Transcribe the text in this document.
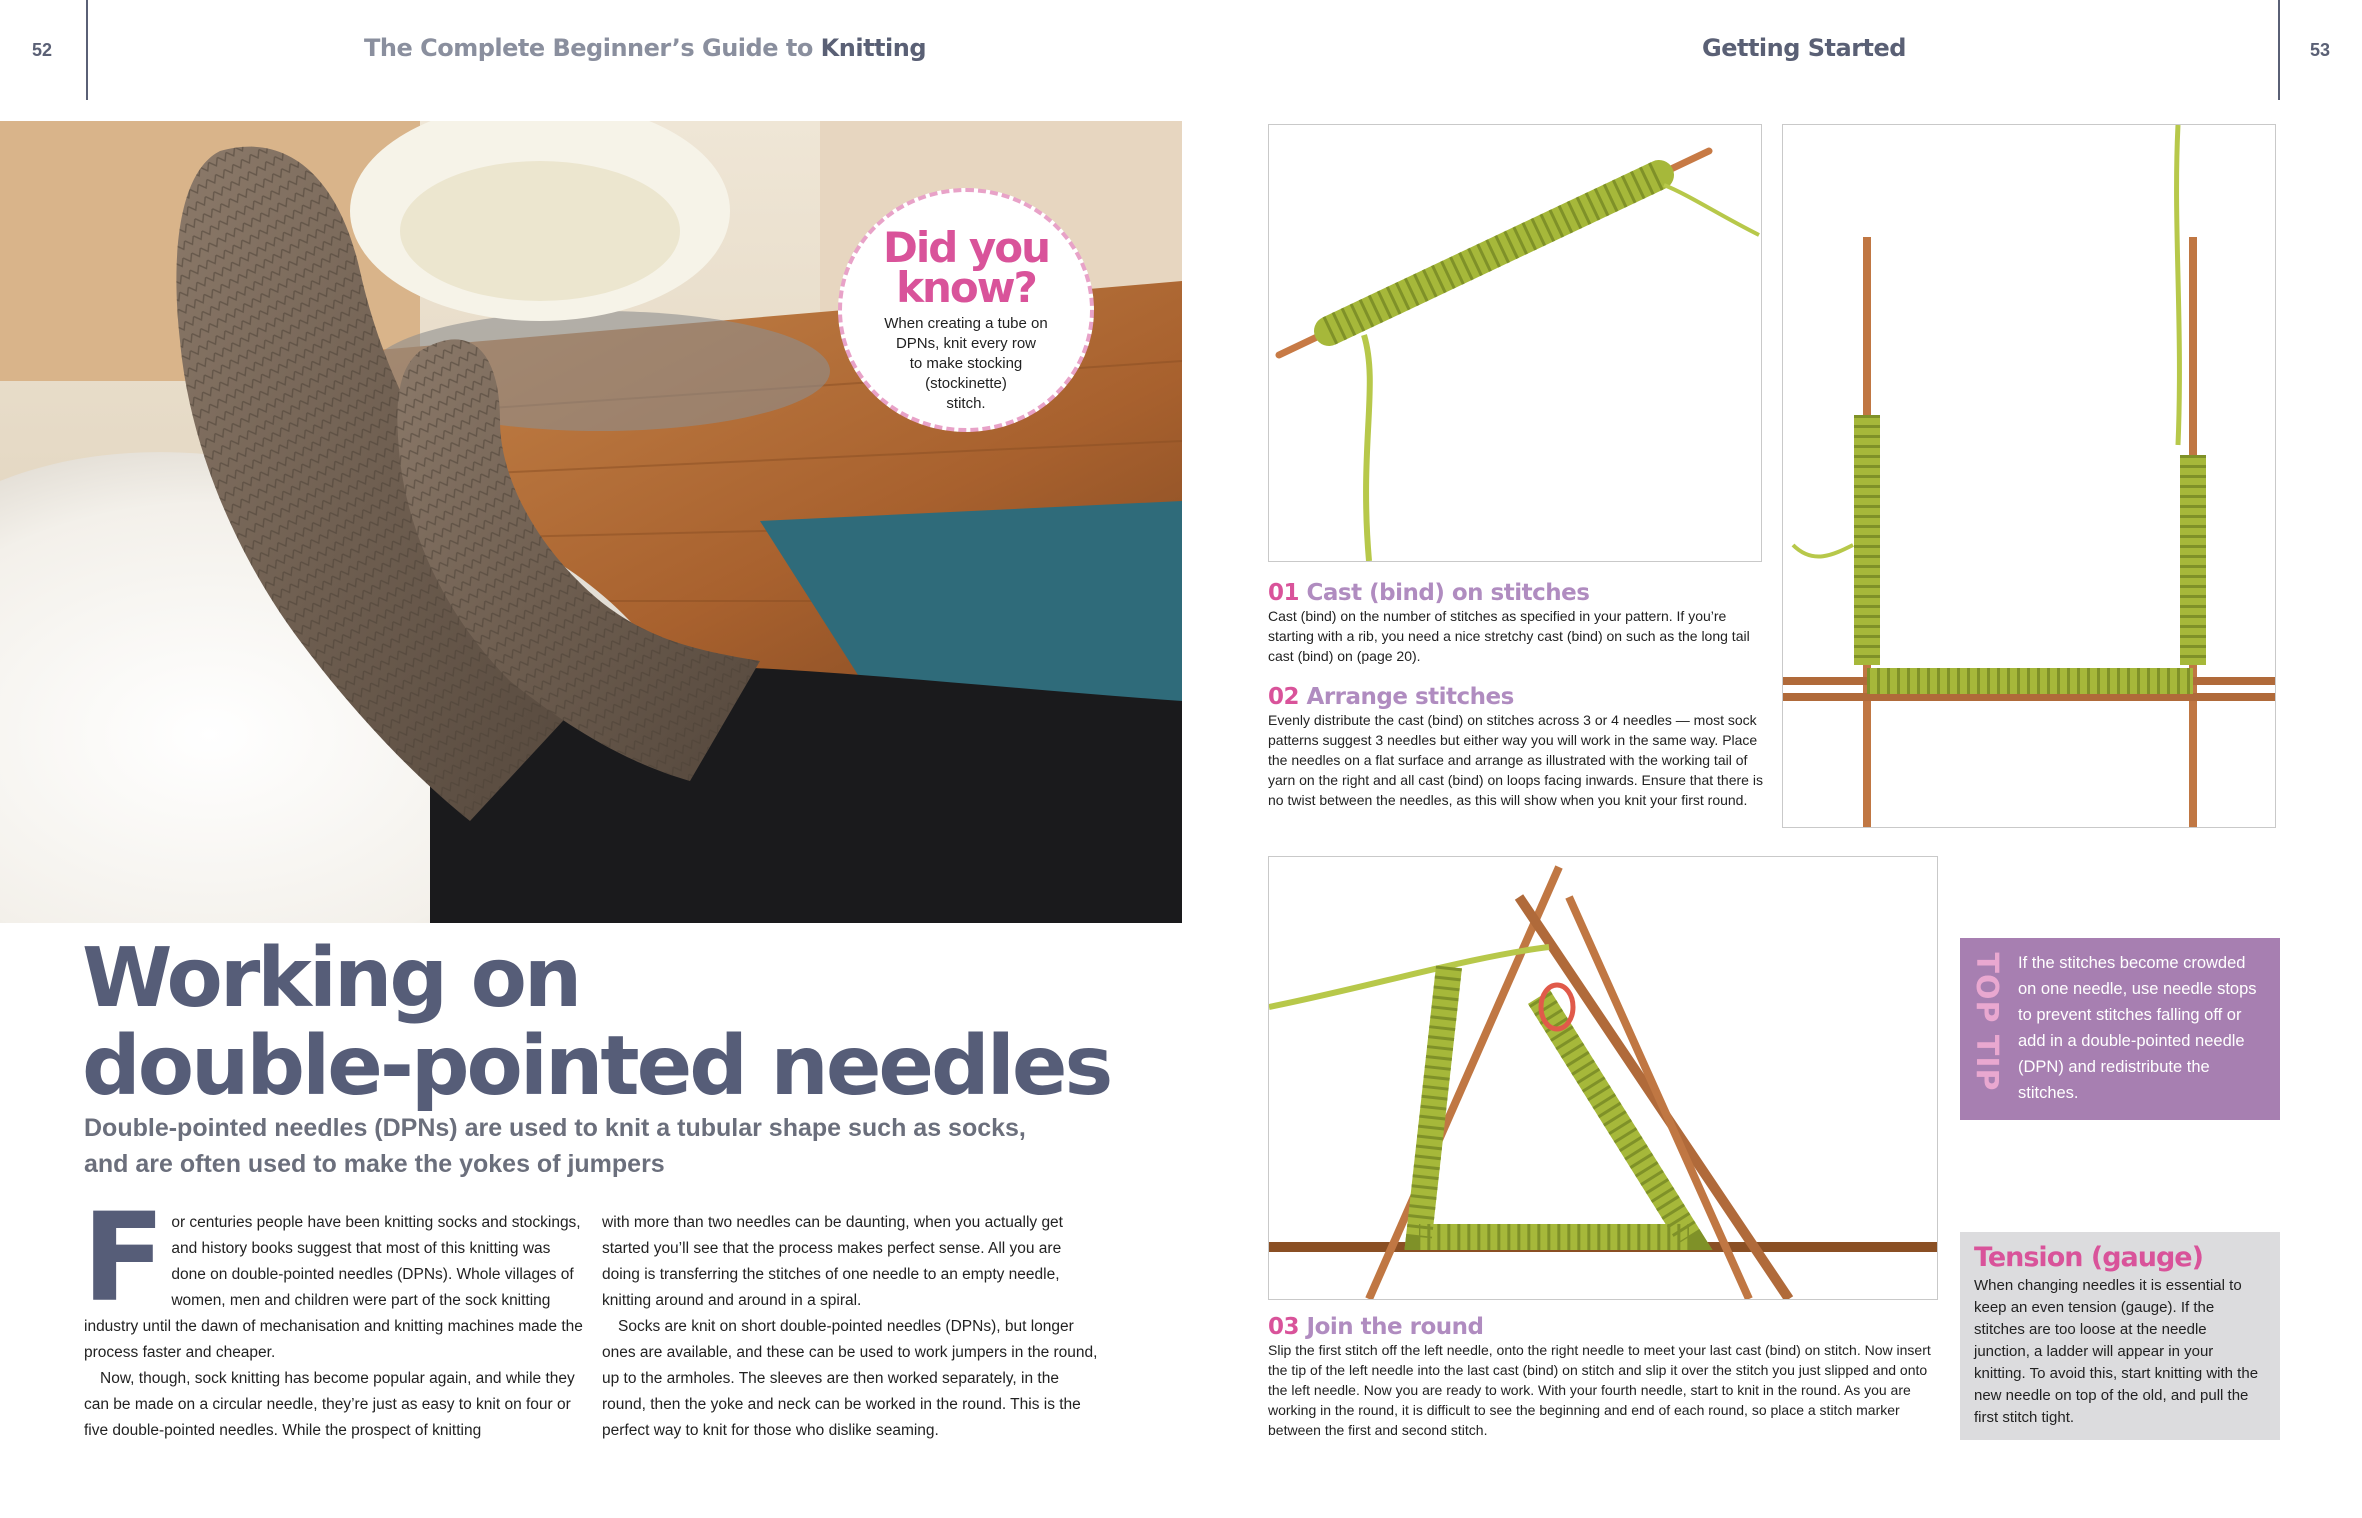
52	The Complete Beginner’s Guide to Knitting	Getting Started	53
Did you
know?
When creating a tube on
DPNs, knit every row
to make stocking
(stockinette)
stitch.
Working on
double-pointed needles
Double-pointed needles (DPNs) are used to knit a tubular shape such as socks,
and are often used to make the yokes of jumpers

For centuries people have been knitting socks and stockings, and history books suggest that most of this knitting was done on double-pointed needles (DPNs). Whole villages of women, men and children were part of the sock knitting industry until the dawn of mechanisation and knitting machines made the process faster and cheaper.

Now, though, sock knitting has become popular again, and while they can be made on a circular needle, they’re just as easy to knit on four or five double-pointed needles. While the prospect of knitting

with more than two needles can be daunting, when you actually get started you’ll see that the process makes perfect sense. All you are doing is transferring the stitches of one needle to an empty needle, knitting around and around in a spiral.

Socks are knit on short double-pointed needles (DPNs), but longer ones are available, and these can be used to work jumpers in the round, up to the armholes. The sleeves are then worked separately, in the round, then the yoke and neck can be worked in the round. This is the perfect way to knit for those who dislike seaming.

01 Cast (bind) on stitches
Cast (bind) on the number of stitches as specified in your pattern. If you’re starting with a rib, you need a nice stretchy cast (bind) on such as the long tail cast (bind) on (page 20).
02 Arrange stitches
Evenly distribute the cast (bind) on stitches across 3 or 4 needles — most sock patterns suggest 3 needles but either way you will work in the same way. Place the needles on a flat surface and arrange as illustrated with the working tail of yarn on the right and all cast (bind) on loops facing inwards. Ensure that there is no twist between the needles, as this will show when you knit your first round.
03 Join the round
Slip the first stitch off the left needle, onto the right needle to meet your last cast (bind) on stitch. Now insert the tip of the left needle into the last cast (bind) on stitch and slip it over the stitch you just slipped and onto the left needle. Now you are ready to work. With your fourth needle, start to knit in the round. As you are working in the round, it is difficult to see the beginning and end of each round, so place a stitch marker between the first and second stitch.
TOP TIP If the stitches become crowded on one needle, use needle stops to prevent stitches falling off or add in a double-pointed needle (DPN) and redistribute the stitches.
Tension (gauge)
When changing needles it is essential to keep an even tension (gauge). If the stitches are too loose at the needle junction, a ladder will appear in your knitting. To avoid this, start knitting with the new needle on top of the old, and pull the first stitch tight.
